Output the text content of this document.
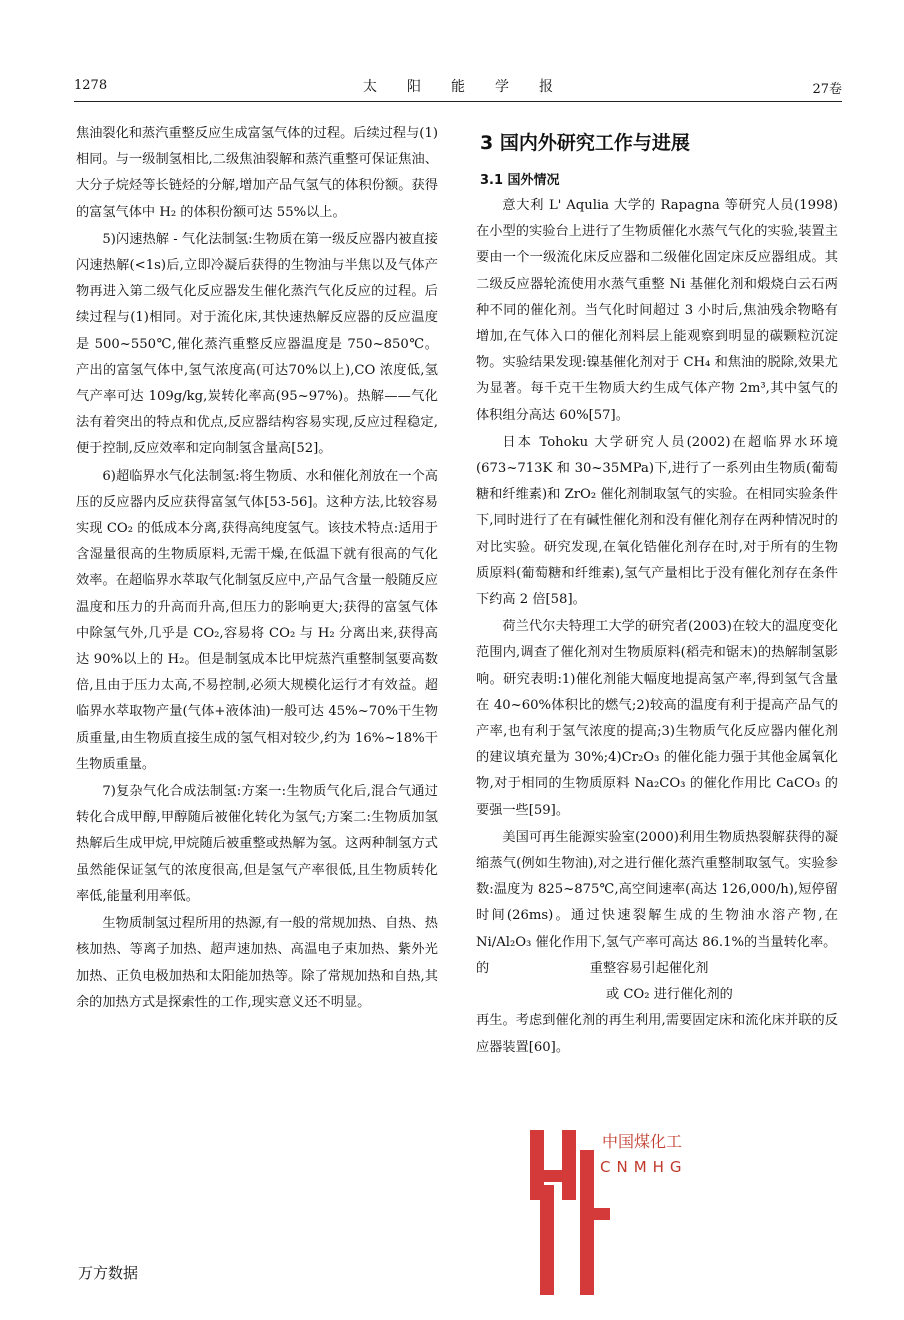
1278	太阳能学报	27卷

焦油裂化和蒸汽重整反应生成富氢气体的过程。后续过程与(1)相同。与一级制氢相比,二级焦油裂解和蒸汽重整可保证焦油、大分子烷烃等长链烃的分解,增加产品气氢气的体积份额。获得的富氢气体中 H₂ 的体积份额可达 55%以上。

5)闪速热解 - 气化法制氢:生物质在第一级反应器内被直接闪速热解(<1s)后,立即冷凝后获得的生物油与半焦以及气体产物再进入第二级气化反应器发生催化蒸汽气化反应的过程。后续过程与(1)相同。对于流化床,其快速热解反应器的反应温度是 500~550℃,催化蒸汽重整反应器温度是 750~850℃。产出的富氢气体中,氢气浓度高(可达70%以上),CO 浓度低,氢气产率可达 109g/kg,炭转化率高(95~97%)。热解——气化法有着突出的特点和优点,反应器结构容易实现,反应过程稳定,便于控制,反应效率和定向制氢含量高[52]。

6)超临界水气化法制氢:将生物质、水和催化剂放在一个高压的反应器内反应获得富氢气体[53-56]。这种方法,比较容易实现 CO₂ 的低成本分离,获得高纯度氢气。该技术特点:适用于含湿量很高的生物质原料,无需干燥,在低温下就有很高的气化效率。在超临界水萃取气化制氢反应中,产品气含量一般随反应温度和压力的升高而升高,但压力的影响更大;获得的富氢气体中除氢气外,几乎是 CO₂,容易将 CO₂ 与 H₂ 分离出来,获得高达 90%以上的 H₂。但是制氢成本比甲烷蒸汽重整制氢要高数倍,且由于压力太高,不易控制,必须大规模化运行才有效益。超临界水萃取物产量(气体+液体油)一般可达 45%~70%干生物质重量,由生物质直接生成的氢气相对较少,约为 16%~18%干生物质重量。

7)复杂气化合成法制氢:方案一:生物质气化后,混合气通过转化合成甲醇,甲醇随后被催化转化为氢气;方案二:生物质加氢热解后生成甲烷,甲烷随后被重整或热解为氢。这两种制氢方式虽然能保证氢气的浓度很高,但是氢气产率很低,且生物质转化率低,能量利用率低。

生物质制氢过程所用的热源,有一般的常规加热、自热、热核加热、等离子加热、超声速加热、高温电子束加热、紫外光加热、正负电极加热和太阳能加热等。除了常规加热和自热,其余的加热方式是探索性的工作,现实意义还不明显。

3 国内外研究工作与进展
3.1 国外情况

意大利 L' Aqulia 大学的 Rapagna 等研究人员(1998)在小型的实验台上进行了生物质催化水蒸气气化的实验,装置主要由一个一级流化床反应器和二级催化固定床反应器组成。其二级反应器轮流使用水蒸气重整 Ni 基催化剂和煅烧白云石两种不同的催化剂。当气化时间超过 3 小时后,焦油残余物略有增加,在气体入口的催化剂料层上能观察到明显的碳颗粒沉淀物。实验结果发现:镍基催化剂对于 CH₄ 和焦油的脱除,效果尤为显著。每千克干生物质大约生成气体产物 2m³,其中氢气的体积组分高达 60%[57]。

日本 Tohoku 大学研究人员(2002)在超临界水环境(673~713K 和 30~35MPa)下,进行了一系列由生物质(葡萄糖和纤维素)和 ZrO₂ 催化剂制取氢气的实验。在相同实验条件下,同时进行了在有碱性催化剂和没有催化剂存在两种情况时的对比实验。研究发现,在氧化锆催化剂存在时,对于所有的生物质原料(葡萄糖和纤维素),氢气产量相比于没有催化剂存在条件下约高 2 倍[58]。

荷兰代尔夫特理工大学的研究者(2003)在较大的温度变化范围内,调查了催化剂对生物质原料(稻壳和锯末)的热解制氢影响。研究表明:1)催化剂能大幅度地提高氢产率,得到氢气含量在 40~60%体积比的燃气;2)较高的温度有利于提高产品气的产率,也有利于氢气浓度的提高;3)生物质气化反应器内催化剂的建议填充量为 30%;4)Cr₂O₃ 的催化能力强于其他金属氧化物,对于相同的生物质原料 Na₂CO₃ 的催化作用比 CaCO₃ 的要强一些[59]。

美国可再生能源实验室(2000)利用生物质热裂解获得的凝缩蒸气(例如生物油),对之进行催化蒸汽重整制取氢气。实验参数:温度为 825~875℃,高空间速率(高达 126,000/h),短停留时间(26ms)。通过快速裂解生成的生物油水溶产物,在 Ni/Al₂O₃ 催化作用下,氢气产率可高达 86.1%的当量转化率。

的	重整容易引起催化剂

或 CO₂ 进行催化剂的

再生。考虑到催化剂的再生利用,需要固定床和流化床并联的反应器装置[60]。

中国煤化工
CNMHG
万方数据
